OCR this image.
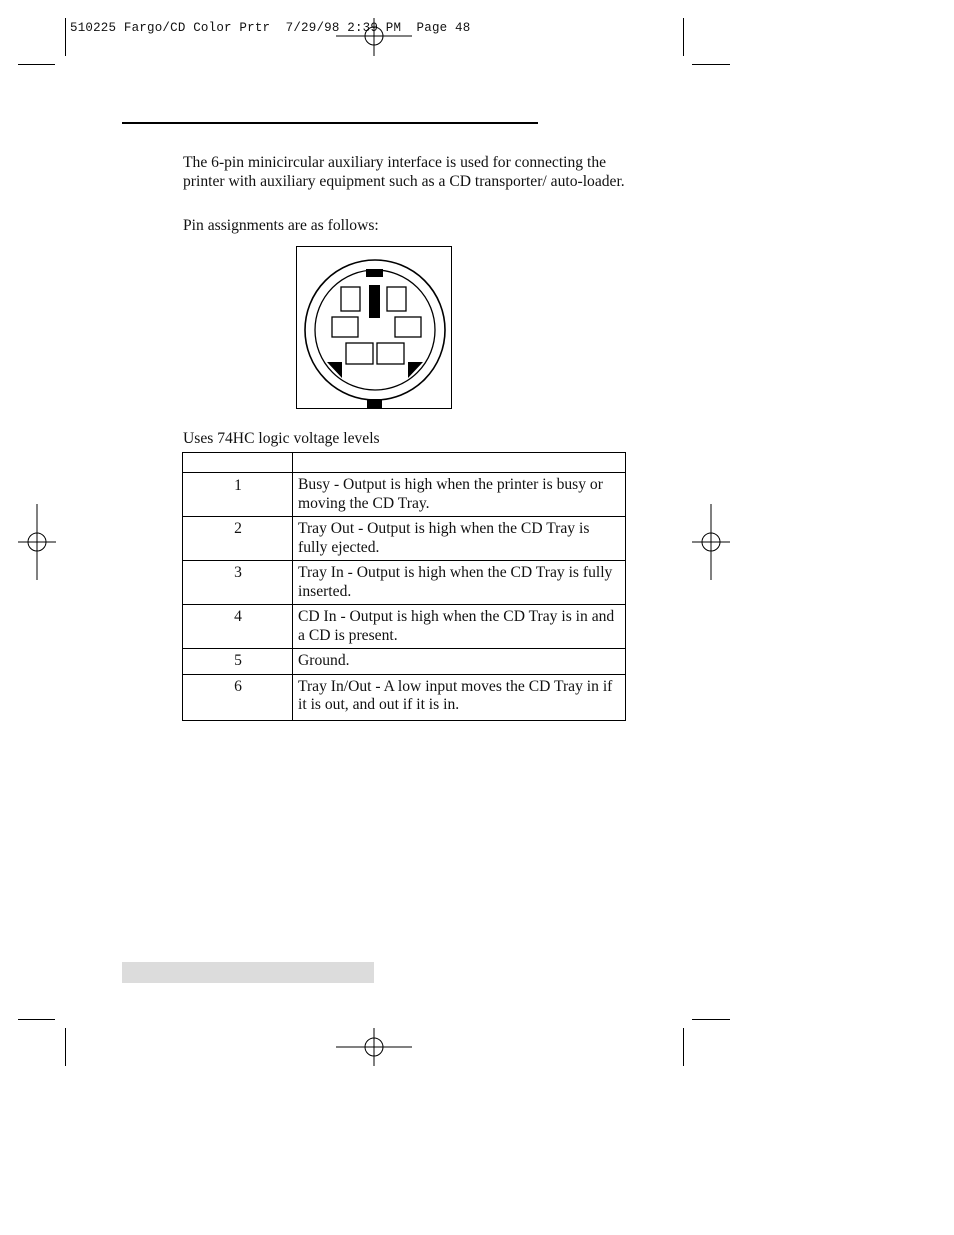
510225 Fargo/CD Color Prtr  7/29/98 2:39 PM  Page 48
The 6-pin minicircular auxiliary interface is used for connecting the printer with auxiliary equipment such as a CD transporter/ auto-loader.
Pin assignments are as follows:
Uses 74HC logic voltage levels

1	Busy - Output is high when the printer is busy or moving the CD Tray.
2	Tray Out - Output is high when the CD Tray is fully ejected.
3	Tray In - Output is high when the CD Tray is fully inserted.
4	CD In - Output is high when the CD Tray is in and a CD is present.
5	Ground.
6	Tray In/Out - A low input moves the CD Tray in if it is out, and out if it is in.
